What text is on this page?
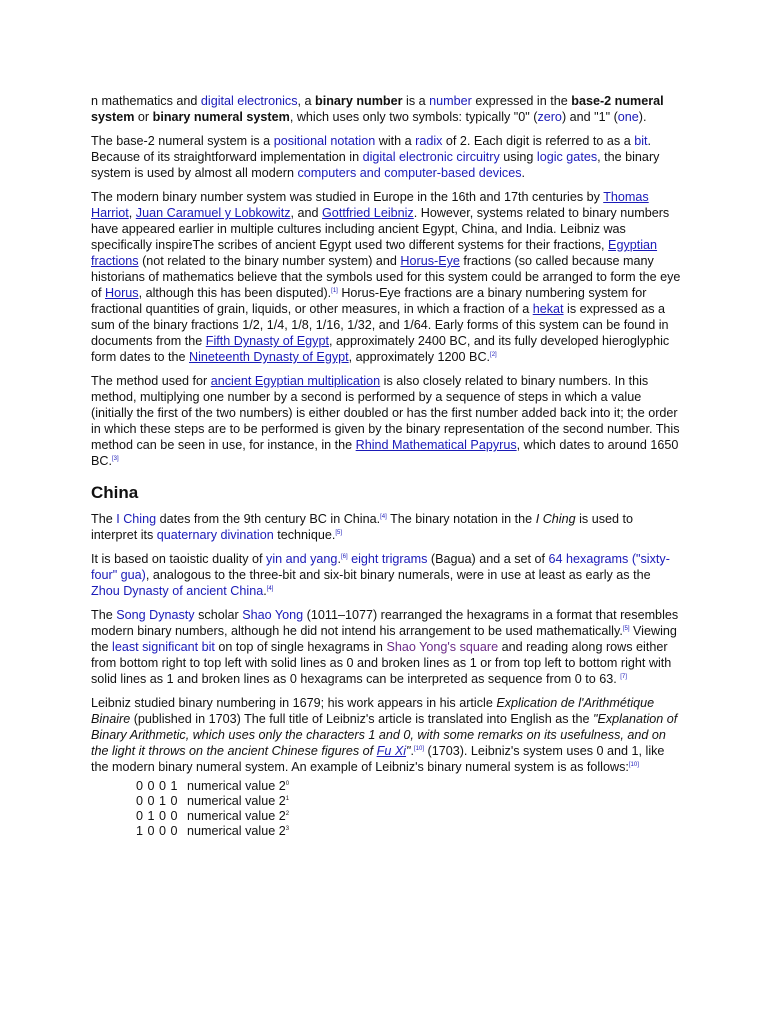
n mathematics and digital electronics, a binary number is a number expressed in the base-2 numeral system or binary numeral system, which uses only two symbols: typically "0" (zero) and "1" (one).

The base-2 numeral system is a positional notation with a radix of 2. Each digit is referred to as a bit. Because of its straightforward implementation in digital electronic circuitry using logic gates, the binary system is used by almost all modern computers and computer-based devices.

The modern binary number system was studied in Europe in the 16th and 17th centuries by Thomas Harriot, Juan Caramuel y Lobkowitz, and Gottfried Leibniz. However, systems related to binary numbers have appeared earlier in multiple cultures including ancient Egypt, China, and India. Leibniz was specifically inspireThe scribes of ancient Egypt used two different systems for their fractions, Egyptian fractions (not related to the binary number system) and Horus-Eye fractions (so called because many historians of mathematics believe that the symbols used for this system could be arranged to form the eye of Horus, although this has been disputed).[1] Horus-Eye fractions are a binary numbering system for fractional quantities of grain, liquids, or other measures, in which a fraction of a hekat is expressed as a sum of the binary fractions 1/2, 1/4, 1/8, 1/16, 1/32, and 1/64. Early forms of this system can be found in documents from the Fifth Dynasty of Egypt, approximately 2400 BC, and its fully developed hieroglyphic form dates to the Nineteenth Dynasty of Egypt, approximately 1200 BC.[2]

The method used for ancient Egyptian multiplication is also closely related to binary numbers. In this method, multiplying one number by a second is performed by a sequence of steps in which a value (initially the first of the two numbers) is either doubled or has the first number added back into it; the order in which these steps are to be performed is given by the binary representation of the second number. This method can be seen in use, for instance, in the Rhind Mathematical Papyrus, which dates to around 1650 BC.[3]

China

The I Ching dates from the 9th century BC in China.[4] The binary notation in the I Ching is used to interpret its quaternary divination technique.[5]

It is based on taoistic duality of yin and yang.[6] eight trigrams (Bagua) and a set of 64 hexagrams ("sixty-four" gua), analogous to the three-bit and six-bit binary numerals, were in use at least as early as the Zhou Dynasty of ancient China.[4]

The Song Dynasty scholar Shao Yong (1011–1077) rearranged the hexagrams in a format that resembles modern binary numbers, although he did not intend his arrangement to be used mathematically.[5] Viewing the least significant bit on top of single hexagrams in Shao Yong's square and reading along rows either from bottom right to top left with solid lines as 0 and broken lines as 1 or from top left to bottom right with solid lines as 1 and broken lines as 0 hexagrams can be interpreted as sequence from 0 to 63. [7]

Leibniz studied binary numbering in 1679; his work appears in his article Explication de l'Arithmétique Binaire (published in 1703) The full title of Leibniz's article is translated into English as the "Explanation of Binary Arithmetic, which uses only the characters 1 and 0, with some remarks on its usefulness, and on the light it throws on the ancient Chinese figures of Fu Xi".[10] (1703). Leibniz's system uses 0 and 1, like the modern binary numeral system. An example of Leibniz's binary numeral system is as follows:[10]

0 0 0 1 numerical value $2^0$
0 0 1 0 numerical value $2^1$
0 1 0 0 numerical value $2^2$
1 0 0 0 numerical value $2^3$
